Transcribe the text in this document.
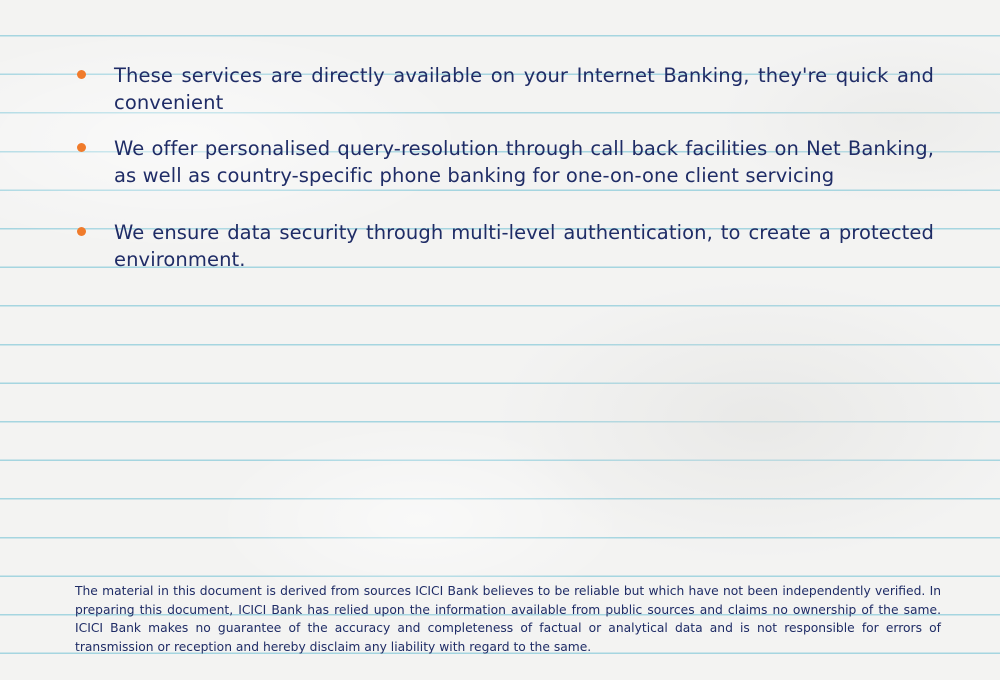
These services are directly available on your Internet Banking, they're quick and convenient
We offer personalised query-resolution through call back facilities on Net Banking, as well as country-specific phone banking for one-on-one client servicing
We ensure data security through multi-level authentication, to create a protected environment.

The material in this document is derived from sources ICICI Bank believes to be reliable but which have not been independently verified. In preparing this document, ICICI Bank has relied upon the information available from public sources and claims no ownership of the same. ICICI Bank makes no guarantee of the accuracy and completeness of factual or analytical data and is not responsible for errors of transmission or reception and hereby disclaim any liability with regard to the same.
